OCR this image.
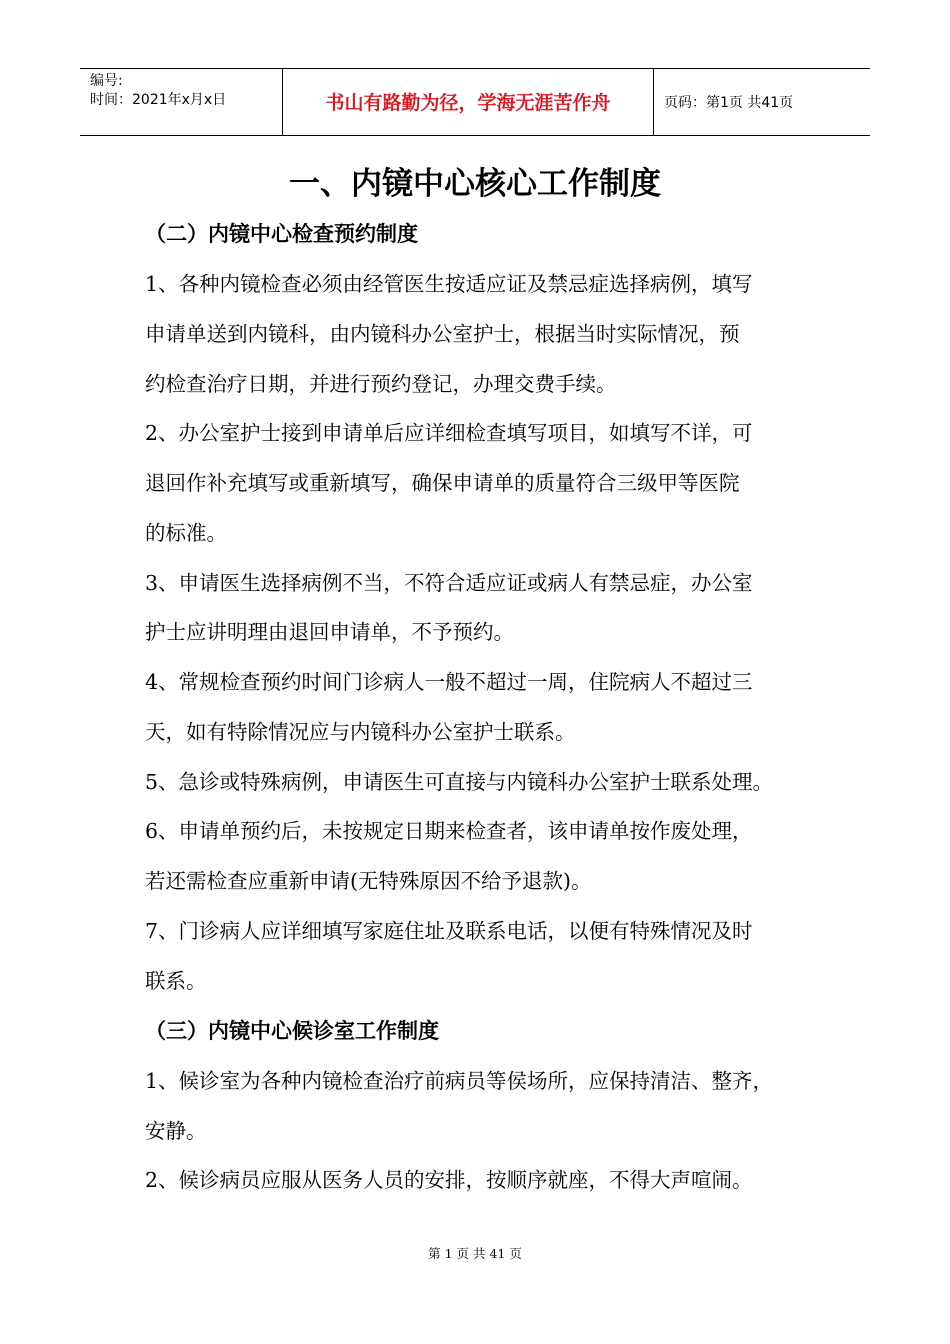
编号:
时间：2021年x月x日	书山有路勤为径，学海无涯苦作舟	页码：第1页 共41页
一、内镜中心核心工作制度
（二）内镜中心检查预约制度
1、各种内镜检查必须由经管医生按适应证及禁忌症选择病例，填写
申请单送到内镜科，由内镜科办公室护士，根据当时实际情况，预
约检查治疗日期，并进行预约登记，办理交费手续。
2、办公室护士接到申请单后应详细检查填写项目，如填写不详，可
退回作补充填写或重新填写，确保申请单的质量符合三级甲等医院
的标准。
3、申请医生选择病例不当，不符合适应证或病人有禁忌症，办公室
护士应讲明理由退回申请单，不予预约。
4、常规检查预约时间门诊病人一般不超过一周，住院病人不超过三
天，如有特除情况应与内镜科办公室护士联系。
5、急诊或特殊病例，申请医生可直接与内镜科办公室护士联系处理。
6、申请单预约后，未按规定日期来检查者，该申请单按作废处理，
若还需检查应重新申请(无特殊原因不给予退款)。
7、门诊病人应详细填写家庭住址及联系电话，以便有特殊情况及时
联系。
（三）内镜中心候诊室工作制度
1、候诊室为各种内镜检查治疗前病员等侯场所，应保持清洁、整齐，
安静。
2、候诊病员应服从医务人员的安排，按顺序就座，不得大声喧闹。
第 1 页 共 41 页
